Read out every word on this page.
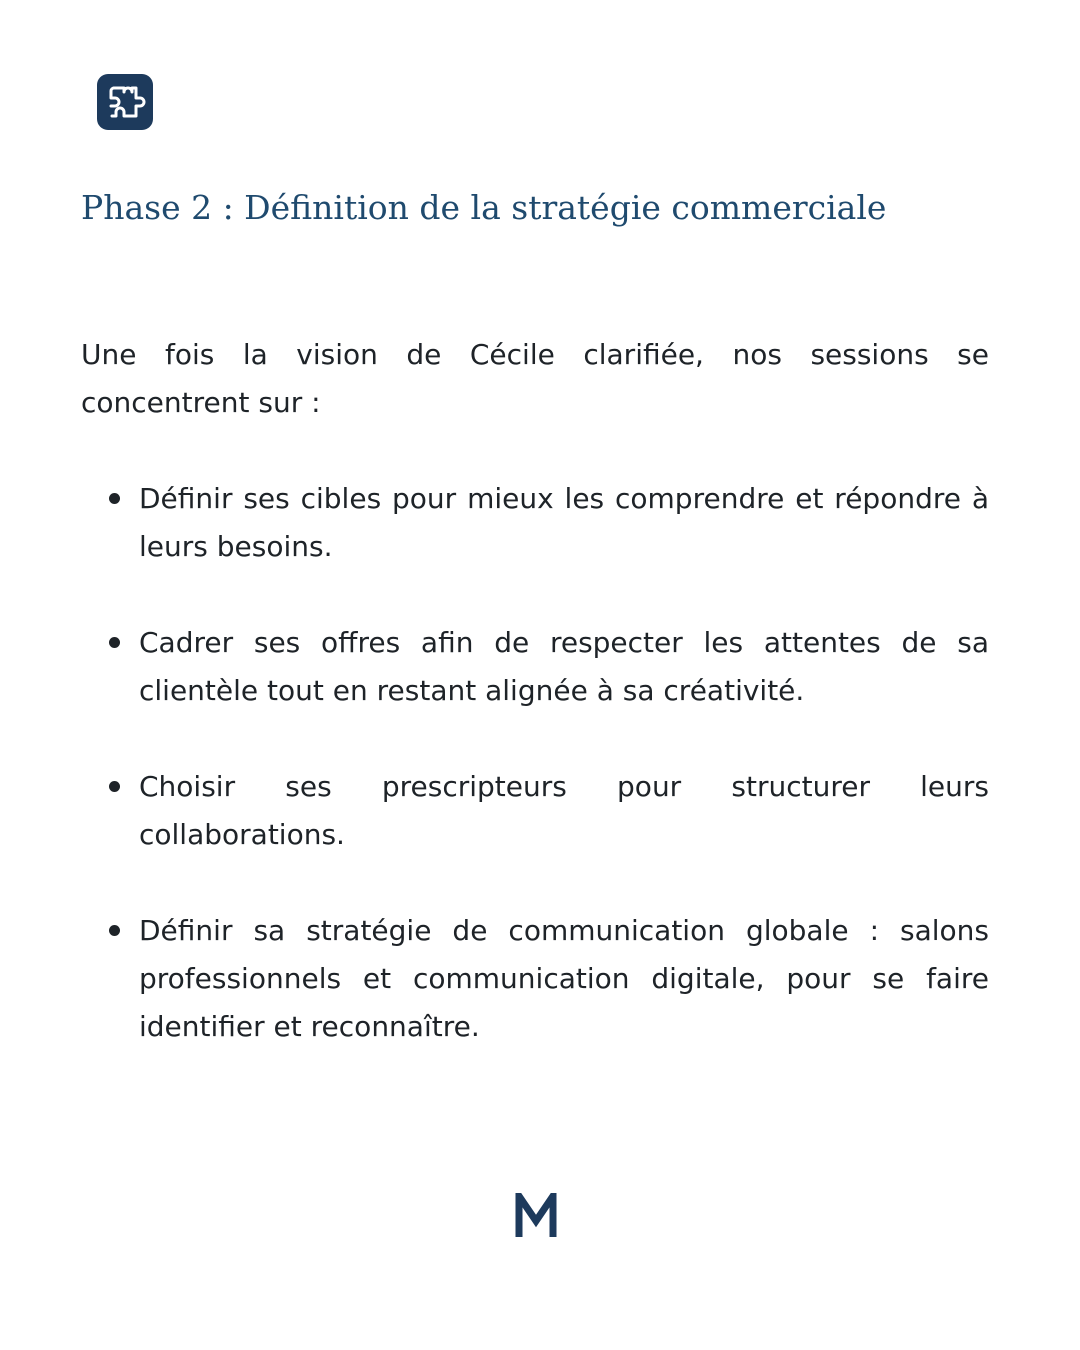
Phase 2 : Définition de la stratégie commerciale

Une fois la vision de Cécile clarifiée, nos sessions se concentrent sur :

Définir ses cibles pour mieux les comprendre et répondre à leurs besoins.
Cadrer ses offres afin de respecter les attentes de sa clientèle tout en restant alignée à sa créativité.
Choisir ses prescripteurs pour structurer leurs collaborations.
Définir sa stratégie de communication globale : salons professionnels et communication digitale, pour se faire identifier et reconnaître.
